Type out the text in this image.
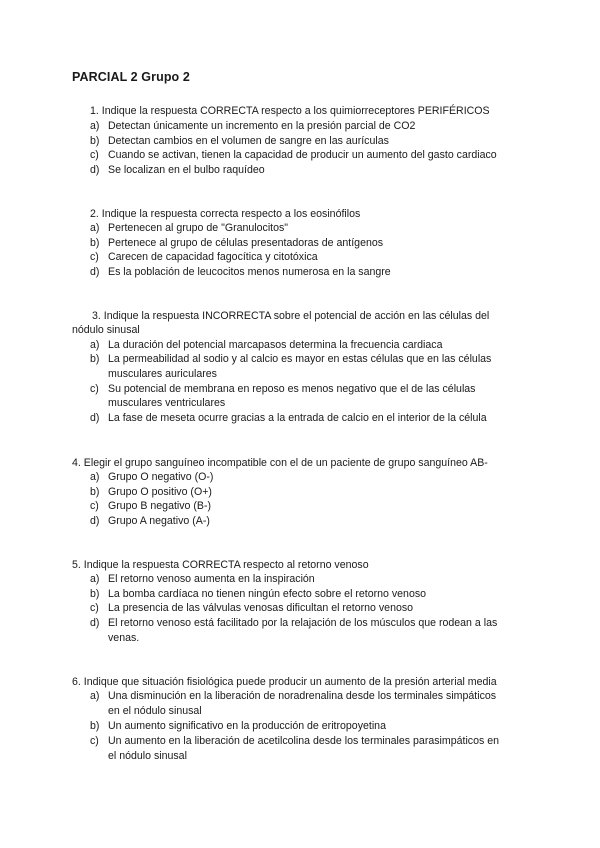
PARCIAL 2 Grupo 2
1. Indique la respuesta CORRECTA respecto a los quimiorreceptores PERIFÉRICOS
a) Detectan únicamente un incremento en la presión parcial de CO2
b) Detectan cambios en el volumen de sangre en las aurículas
c) Cuando se activan, tienen la capacidad de producir un aumento del gasto cardiaco
d) Se localizan en el bulbo raquídeo
2. Indique la respuesta correcta respecto a los eosinófilos
a) Pertenecen al grupo de "Granulocitos"
b) Pertenece al grupo de células presentadoras de antígenos
c) Carecen de capacidad fagocítica y citotóxica
d) Es la población de leucocitos menos numerosa en la sangre
3. Indique la respuesta INCORRECTA sobre el potencial de acción en las células del
nódulo sinusal
a) La duración del potencial marcapasos determina la frecuencia cardiaca
b) La permeabilidad al sodio y al calcio es mayor en estas células que en las células
musculares auriculares
c) Su potencial de membrana en reposo es menos negativo que el de las células
musculares ventriculares
d) La fase de meseta ocurre gracias a la entrada de calcio en el interior de la célula
4. Elegir el grupo sanguíneo incompatible con el de un paciente de grupo sanguíneo AB-
a) Grupo O negativo (O-)
b) Grupo O positivo (O+)
c) Grupo B negativo (B-)
d) Grupo A negativo (A-)
5. Indique la respuesta CORRECTA respecto al retorno venoso
a) El retorno venoso aumenta en la inspiración
b) La bomba cardíaca no tienen ningún efecto sobre el retorno venoso
c) La presencia de las válvulas venosas dificultan el retorno venoso
d) El retorno venoso está facilitado por la relajación de los músculos que rodean a las
venas.
6. Indique que situación fisiológica puede producir un aumento de la presión arterial media
a) Una disminución en la liberación de noradrenalina desde los terminales simpáticos
en el nódulo sinusal
b) Un aumento significativo en la producción de eritropoyetina
c) Un aumento en la liberación de acetilcolina desde los terminales parasimpáticos en
el nódulo sinusal
